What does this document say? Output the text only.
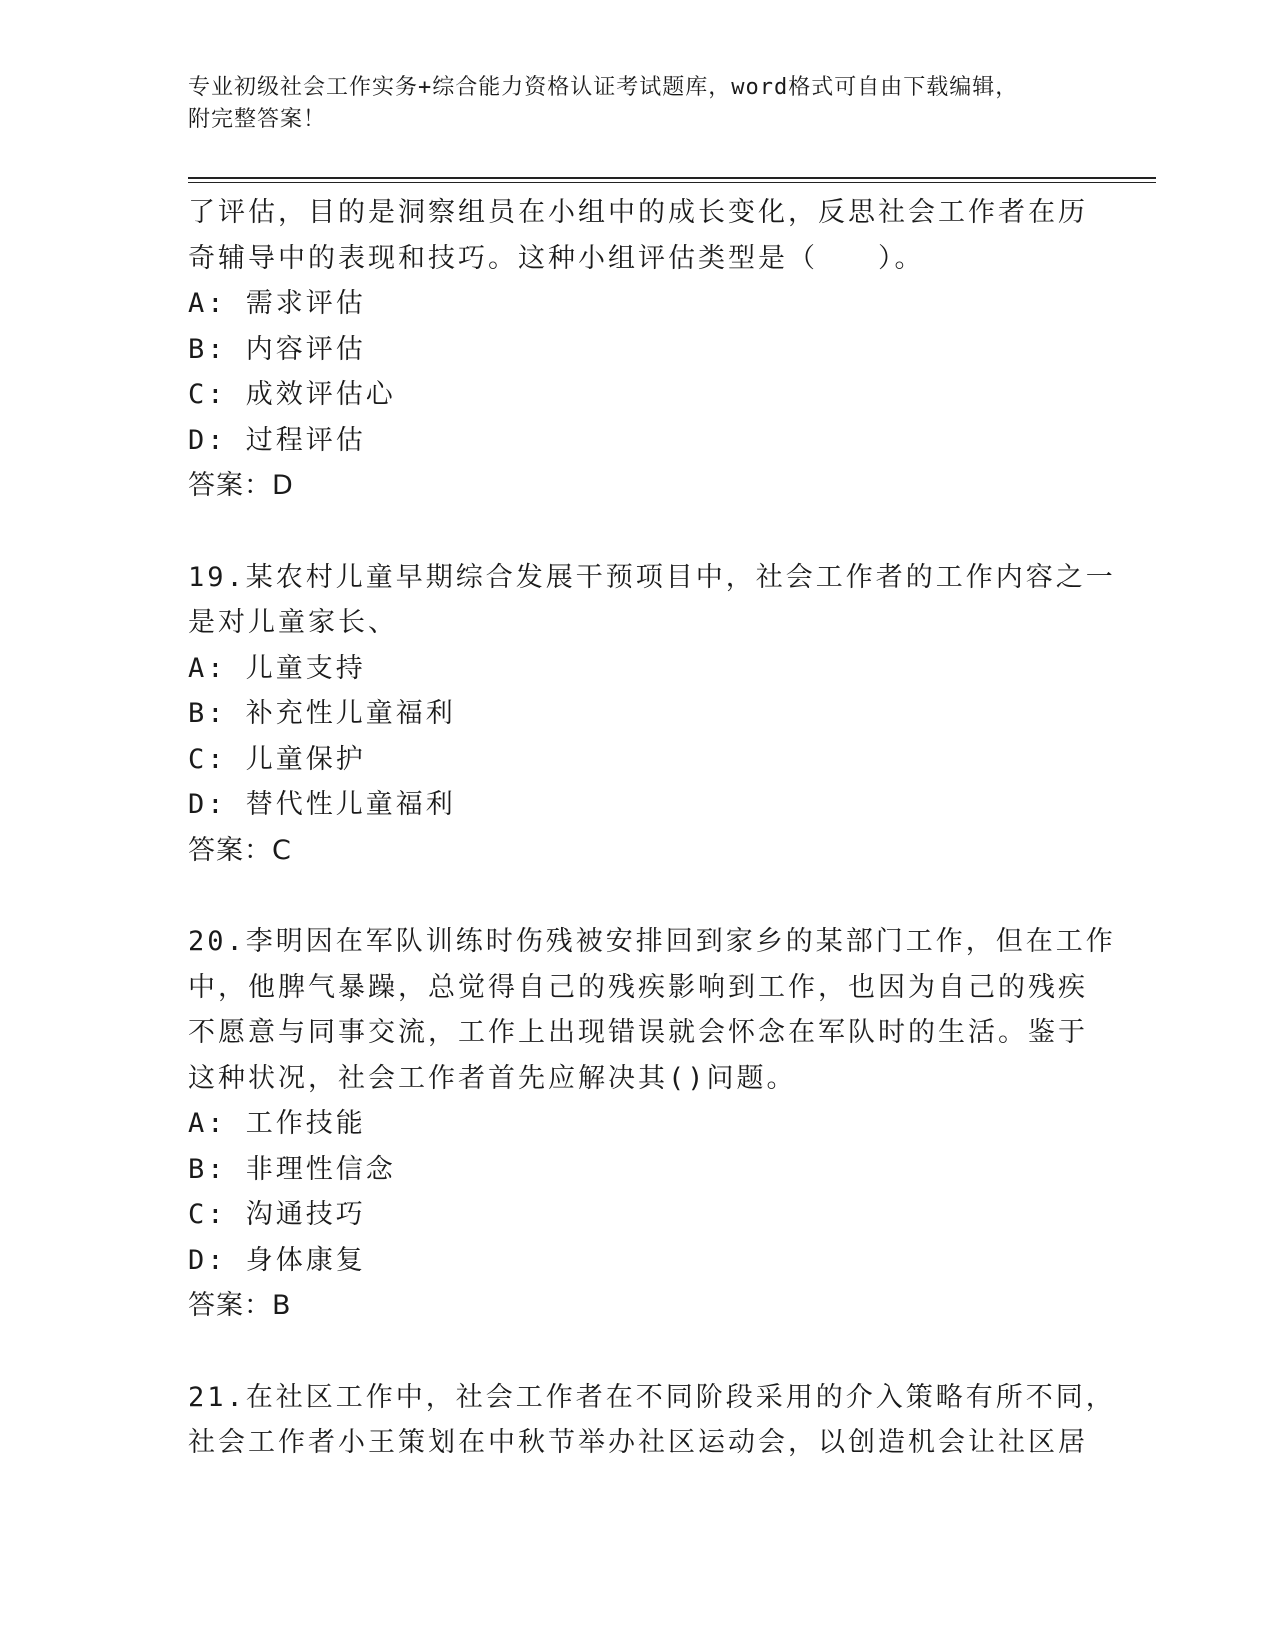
专业初级社会工作实务+综合能力资格认证考试题库，word格式可自由下载编辑，
附完整答案！
了评估，目的是洞察组员在小组中的成长变化，反思社会工作者在历
奇辅导中的表现和技巧。这种小组评估类型是（　　）。
A: 需求评估
B: 内容评估
C: 成效评估心
D: 过程评估
答案：D
19.某农村儿童早期综合发展干预项目中，社会工作者的工作内容之一
是对儿童家长、
A: 儿童支持
B: 补充性儿童福利
C: 儿童保护
D: 替代性儿童福利
答案：C
20.李明因在军队训练时伤残被安排回到家乡的某部门工作，但在工作
中，他脾气暴躁，总觉得自己的残疾影响到工作，也因为自己的残疾
不愿意与同事交流，工作上出现错误就会怀念在军队时的生活。鉴于
这种状况，社会工作者首先应解决其()问题。
A: 工作技能
B: 非理性信念
C: 沟通技巧
D: 身体康复
答案：B
21.在社区工作中，社会工作者在不同阶段采用的介入策略有所不同，
社会工作者小王策划在中秋节举办社区运动会，以创造机会让社区居
